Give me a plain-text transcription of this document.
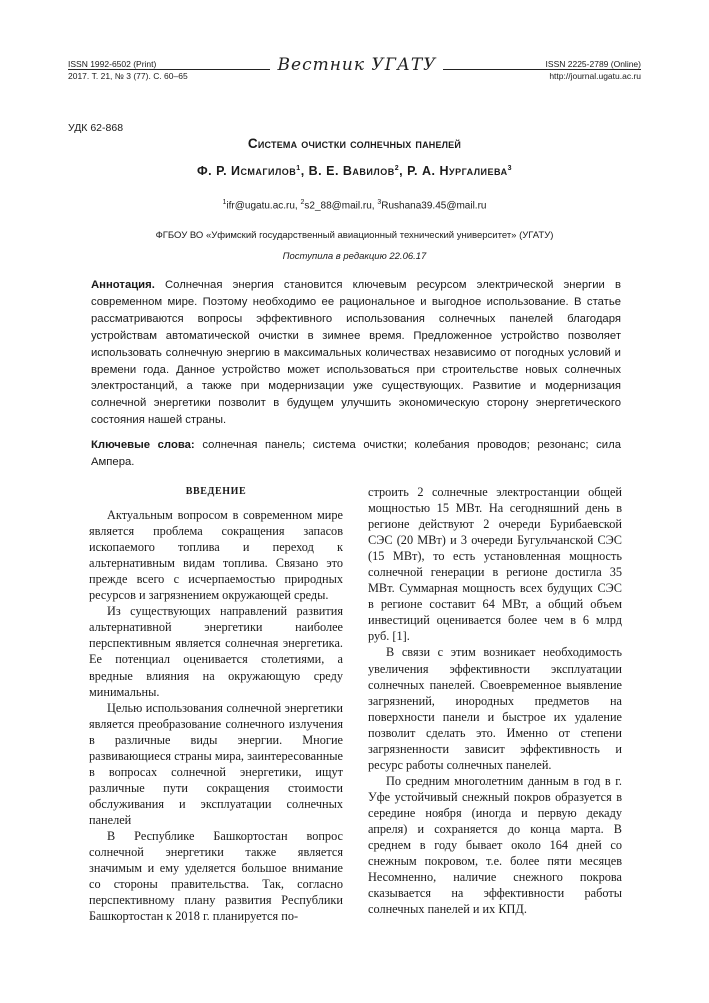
ISSN 1992-6502 (Print)
2017. Т. 21, № 3 (77). С. 60–65
Вестник УГАТУ	ISSN 2225-2789 (Online)
http://journal.ugatu.ac.ru
УДК 62-868
Система очистки солнечных панелей
Ф. Р. Исмагилов$^1$, В. Е. Вавилов$^2$, Р. А. Нургалиева$^3$
$^1$ifr@ugatu.ac.ru, $^2$s2_88@mail.ru, $^3$Rushana39.45@mail.ru
ФГБОУ ВО «Уфимский государственный авиационный технический университет» (УГАТУ)
Поступила в редакцию 22.06.17
Аннотация. Солнечная энергия становится ключевым ресурсом электрической энергии в современном мире. Поэтому необходимо ее рациональное и выгодное использование. В статье рассматриваются вопросы эффективного использования солнечных панелей благодаря устройствам автоматической очистки в зимнее время. Предложенное устройство позволяет использовать солнечную энергию в максимальных количествах независимо от погодных условий и времени года. Данное устройство может использоваться при строительстве новых солнечных электростанций, а также при модернизации уже существующих. Развитие и модернизация солнечной энергетики позволит в будущем улучшить экономическую сторону энергетического состояния нашей страны.
Ключевые слова: солнечная панель; система очистки; колебания проводов; резонанс; сила Ампера.
ВВЕДЕНИЕ

Актуальным вопросом в современном мире является проблема сокращения запасов ископаемого топлива и переход к альтернативным видам топлива. Связано это прежде всего с исчерпаемостью природных ресурсов и загрязнением окружающей среды.

Из существующих направлений развития альтернативной энергетики наиболее перспективным является солнечная энергетика. Ее потенциал оценивается столетиями, а вредные влияния на окружающую среду минимальны.

Целью использования солнечной энергетики является преобразование солнечного излучения в различные виды энергии. Многие развивающиеся страны мира, заинтересованные в вопросах солнечной энергетики, ищут различные пути сокращения стоимости обслуживания и эксплуатации солнечных панелей

В Республике Башкортостан вопрос солнечной энергетики также является значимым и ему уделяется большое внимание со стороны правительства. Так, согласно перспективному плану развития Республики Башкортостан к 2018 г. планируется по-

строить 2 солнечные электростанции общей мощностью 15 МВт. На сегодняшний день в регионе действуют 2 очереди Бурибаевской СЭС (20 МВт) и 3 очереди Бугульчанской СЭС (15 МВт), то есть установленная мощность солнечной генерации в регионе достигла 35 МВт. Суммарная мощность всех будущих СЭС в регионе составит 64 МВт, а общий объем инвестиций оценивается более чем в 6 млрд руб. [1].

В связи с этим возникает необходимость увеличения эффективности эксплуатации солнечных панелей. Своевременное выявление загрязнений, инородных предметов на поверхности панели и быстрое их удаление позволит сделать это. Именно от степени загрязненности зависит эффективность и ресурс работы солнечных панелей.

По средним многолетним данным в год в г. Уфе устойчивый снежный покров образуется в середине ноября (иногда и первую декаду апреля) и сохраняется до конца марта. В среднем в году бывает около 164 дней со снежным покровом, т.е. более пяти месяцев Несомненно, наличие снежного покрова сказывается на эффективности работы солнечных панелей и их КПД.
